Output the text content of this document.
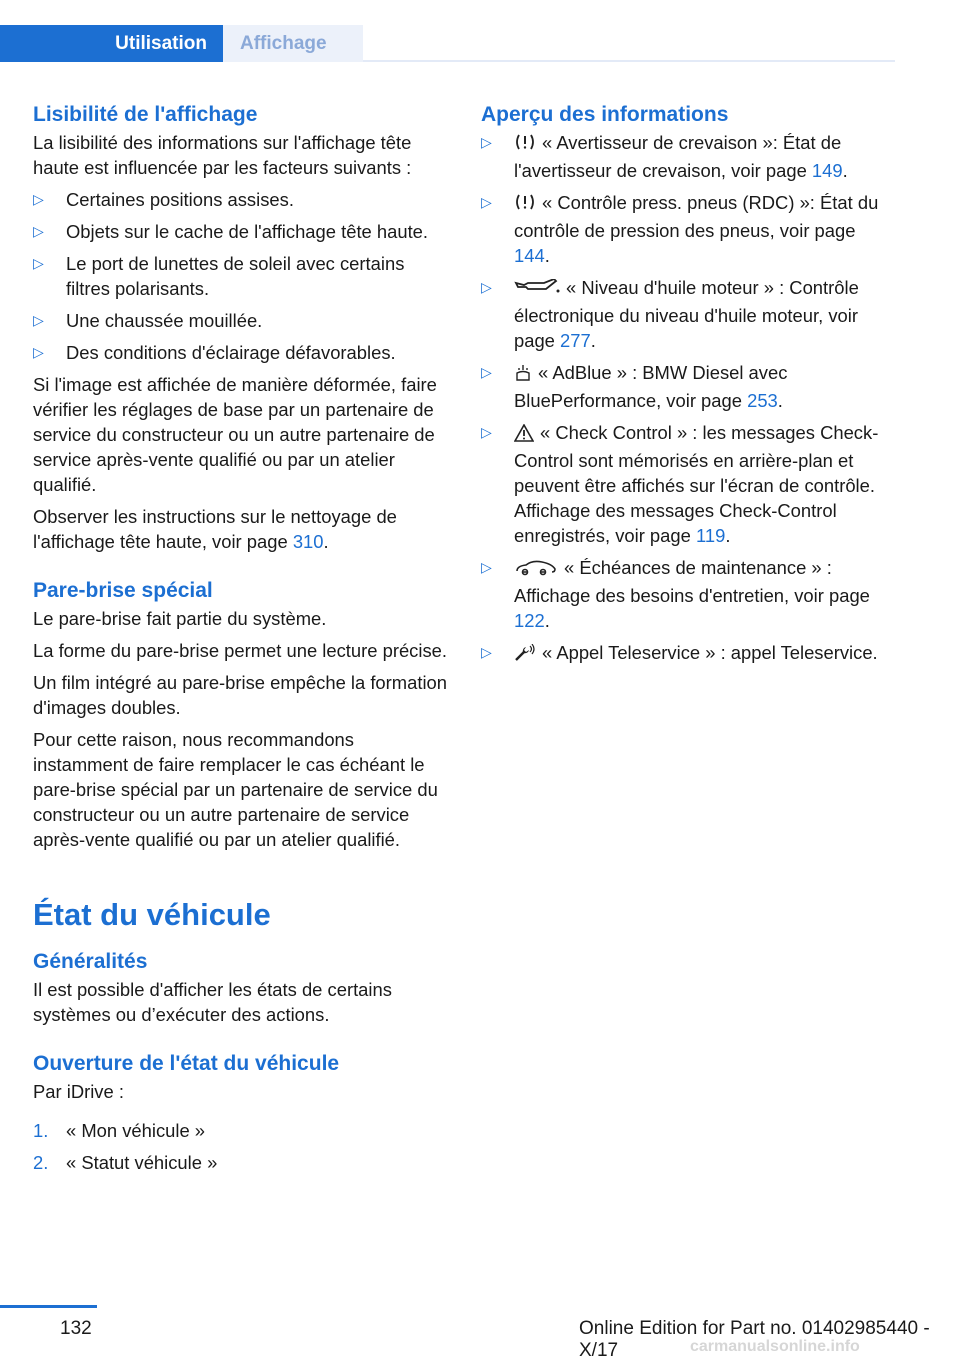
Utilisation	Affichage
Lisibilité de l'affichage

La lisibilité des informations sur l'affichage tête haute est influencée par les facteurs suivants :

▷ Certaines positions assises.
▷ Objets sur le cache de l'affichage tête haute.
▷ Le port de lunettes de soleil avec certains filtres polarisants.
▷ Une chaussée mouillée.
▷ Des conditions d'éclairage défavorables.

Si l'image est affichée de manière déformée, faire vérifier les réglages de base par un partenaire de service du constructeur ou un autre partenaire de service après-vente qualifié ou par un atelier qualifié.

Observer les instructions sur le nettoyage de l'affichage tête haute, voir page 310.

Pare-brise spécial

Le pare-brise fait partie du système.

La forme du pare-brise permet une lecture précise.

Un film intégré au pare-brise empêche la formation d'images doubles.

Pour cette raison, nous recommandons instamment de faire remplacer le cas échéant le pare-brise spécial par un partenaire de service du constructeur ou un autre partenaire de service après-vente qualifié ou par un atelier qualifié.

État du véhicule
Généralités

Il est possible d'afficher les états de certains systèmes ou d’exécuter des actions.

Ouverture de l'état du véhicule

Par iDrive :

1. « Mon véhicule »
2. « Statut véhicule »
Aperçu des informations
▷	« Avertisseur de crevaison »: État de l'avertisseur de crevaison, voir page 149.
▷	« Contrôle press. pneus (RDC) »: État du contrôle de pression des pneus, voir page 144.
▷	« Niveau d'huile moteur » : Contrôle électronique du niveau d'huile moteur, voir page 277.
▷	« AdBlue » : BMW Diesel avec BluePerformance, voir page 253.
▷	« Check Control » : les messages Check-Control sont mémorisés en arrière-plan et peuvent être affichés sur l'écran de contrôle. Affichage des messages Check-Control enregistrés, voir page 119.
▷	« Échéances de maintenance » : Affichage des besoins d'entretien, voir page 122.
▷	« Appel Teleservice » : appel Teleservice.
132	Online Edition for Part no. 01402985440 - X/17	carmanualsonline.info
